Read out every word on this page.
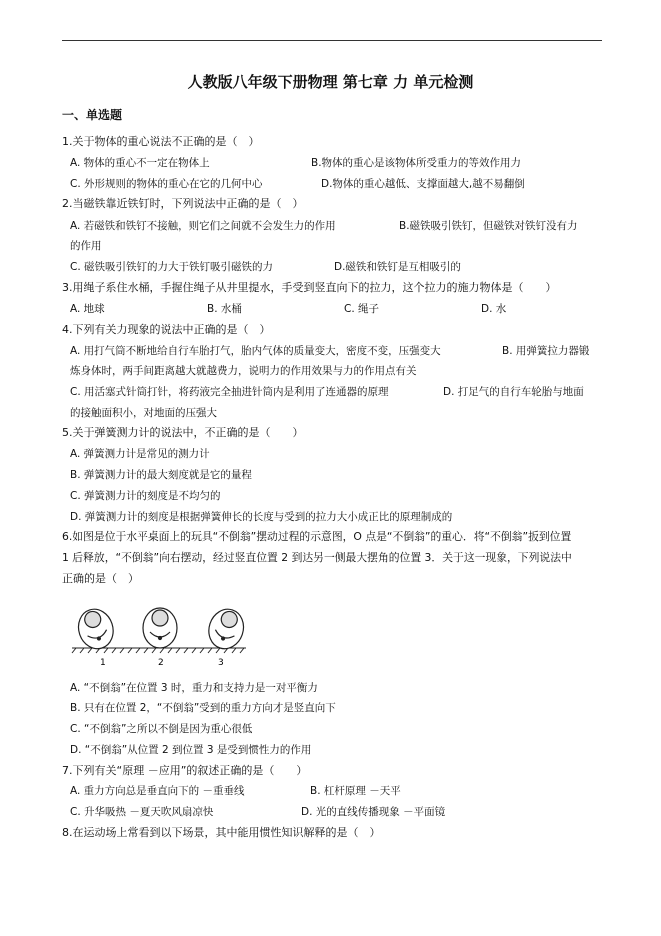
人教版八年级下册物理 第七章 力 单元检测
一、单选题
1.关于物体的重心说法不正确的是（　）
A. 物体的重心不一定在物体上	B.物体的重心是该物体所受重力的等效作用力
C. 外形规则的物体的重心在它的几何中心	D.物体的重心越低、支撑面越大,越不易翻倒
2.当磁铁靠近铁钉时，下列说法中正确的是（　）
A. 若磁铁和铁钉不接触，则它们之间就不会发生力的作用	B.磁铁吸引铁钉，但磁铁对铁钉没有力
的作用
C. 磁铁吸引铁钉的力大于铁钉吸引磁铁的力	D.磁铁和铁钉是互相吸引的
3.用绳子系住水桶，手握住绳子从井里提水，手受到竖直向下的拉力，这个拉力的施力物体是（　　）
A. 地球	B. 水桶	C. 绳子	D. 水
4.下列有关力现象的说法中正确的是（　）
A. 用打气筒不断地给自行车胎打气，胎内气体的质量变大，密度不变，压强变大	B. 用弹簧拉力器锻
炼身体时，两手间距离越大就越费力，说明力的作用效果与力的作用点有关
C. 用活塞式针筒打针，将药液完全抽进针筒内是利用了连通器的原理	D. 打足气的自行车轮胎与地面
的接触面积小，对地面的压强大
5.关于弹簧测力计的说法中，不正确的是（　　）
A. 弹簧测力计是常见的测力计
B. 弹簧测力计的最大刻度就是它的量程
C. 弹簧测力计的刻度是不均匀的
D. 弹簧测力计的刻度是根据弹簧伸长的长度与受到的拉力大小成正比的原理制成的
6.如图是位于水平桌面上的玩具“不倒翁”摆动过程的示意图，O 点是“不倒翁”的重心．将“不倒翁”扳到位置
1 后释放，“不倒翁”向右摆动，经过竖直位置 2 到达另一侧最大摆角的位置 3．关于这一现象，下列说法中
正确的是（　）
1	2	3
A. “不倒翁”在位置 3 时，重力和支持力是一对平衡力
B. 只有在位置 2，“不倒翁”受到的重力方向才是竖直向下
C. “不倒翁”之所以不倒是因为重心很低
D. “不倒翁”从位置 2 到位置 3 是受到惯性力的作用
7.下列有关“原理 －应用”的叙述正确的是（　　）
A. 重力方向总是垂直向下的 －重垂线	B. 杠杆原理 －天平
C. 升华吸热 －夏天吹风扇凉快	D. 光的直线传播现象 －平面镜
8.在运动场上常看到以下场景，其中能用惯性知识解释的是（　）
